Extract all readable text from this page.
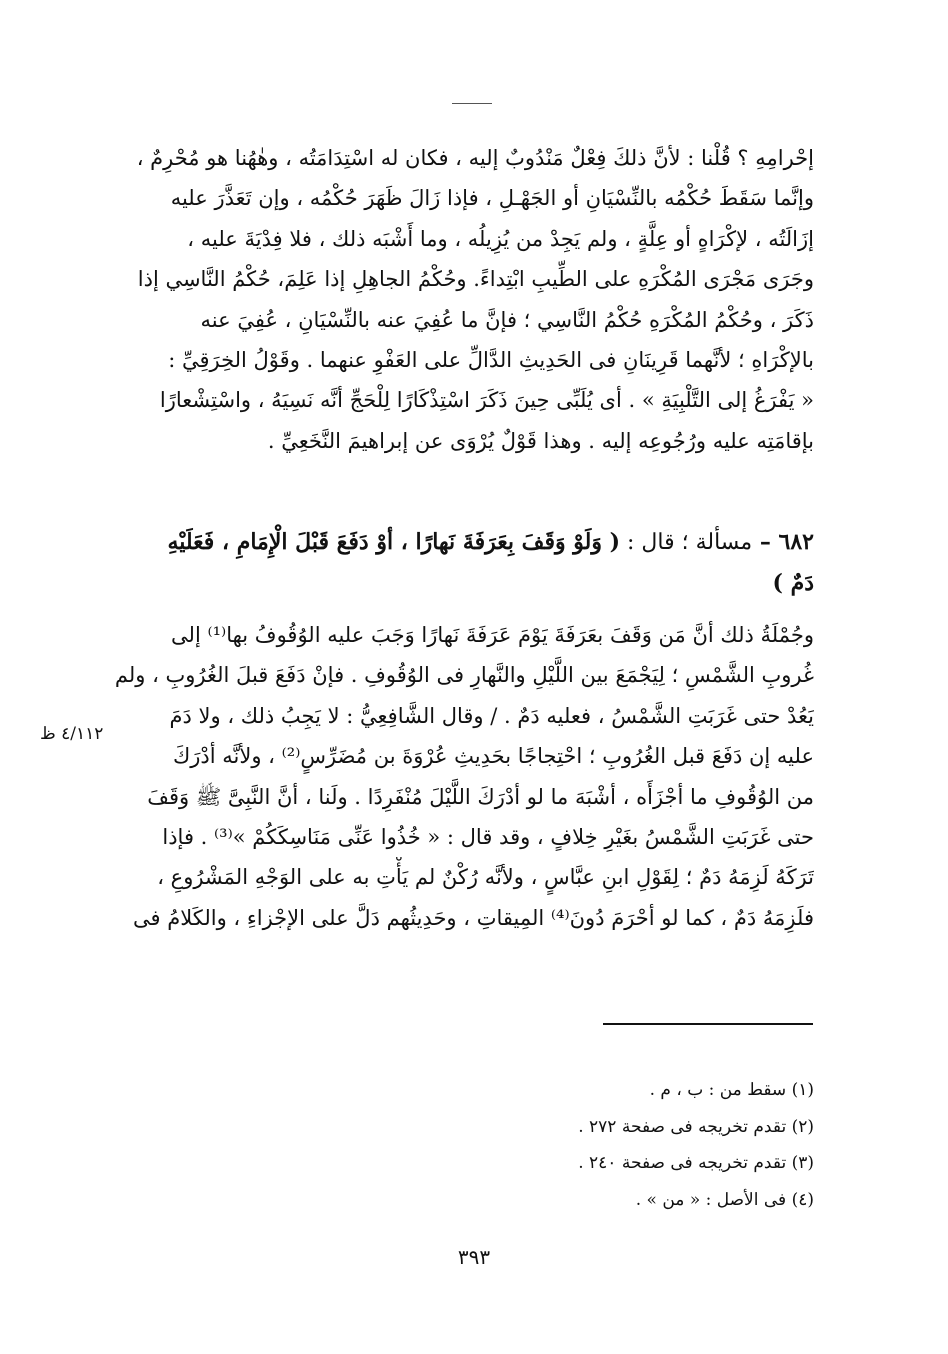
إحْرامِهِ ؟ قُلْنا : لأنَّ ذلكَ فِعْلٌ مَنْدُوبٌ إليه ، فكان له اسْتِدَامَتُه ، وهٰهُنا هو مُحْرِمٌ ،
وإنَّما سَقَطَ حُكْمُه بالنِّسْيَانِ أو الجَهْـلِ ، فإذا زَالَ ظَهَرَ حُكْمُه ، وإن تَعَذَّرَ عليه
إزَالَتُه ، لإكْرَاهٍ أو عِلَّةٍ ، ولم يَجِدْ من يُزِيلُه ، وما أَشْبَه ذلك ، فلا فِدْيَةَ عليه ،
وجَرَى مَجْرَى المُكْرَهِ على الطِّيبِ ابْتِداءً. وحُكْمُ الجاهِلِ إذا عَلِمَ، حُكْمُ النَّاسِي إذا
ذَكَرَ ، وحُكْمُ المُكْرَهِ حُكْمُ النَّاسِي ؛ فإنَّ ما عُفِيَ عنه بالنِّسْيَانِ ، عُفِيَ عنه
بالإكْرَاهِ ؛ لأنَّهما قَرِينَانِ فى الحَدِيثِ الدَّالِّ على العَفْوِ عنهما . وقَوْلُ الخِرَقِيِّ :
« يَفْرَغُ إلى التَّلْبِيَةِ » . أى يُلَبِّى حِينَ ذَكَرَ اسْتِذْكَارًا لِلْحَجِّ أنَّه نَسِيَهُ ، واسْتِشْعارًا
بإقامَتِه عليه ورُجُوعِه إليه . وهذا قَوْلٌ يُرْوَى عن إبراهيمَ النَّخَعِيِّ .
٦٨٢ – مسألة ؛ قال : ( وَلَوْ وَقَفَ بِعَرَفَةَ نَهارًا ، أوْ دَفَعَ قَبْلَ الْإِمَامِ ، فَعَلَيْهِ
دَمٌ )
وجُمْلَةُ ذلك أنَّ مَن وَقَفَ بعَرَفَةَ يَوْمَ عَرَفَةَ نَهارًا وَجَبَ عليه الوُقُوفُ بها⁽¹⁾ إلى
غُروبِ الشَّمْسِ ؛ لِيَجْمَعَ بين اللَّيْلِ والنَّهارِ فى الوُقُوفِ . فإنْ دَفَعَ قبلَ الغُرُوبِ ، ولم
يَعُدْ حتى غَرَبَتِ الشَّمْسُ ، فعليه دَمٌ . / وقال الشَّافِعِيُّ : لا يَجِبُ ذلك ، ولا دَمَ
عليه إن دَفَعَ قبل الغُرُوبِ ؛ احْتِجاجًا بحَدِيثِ عُرْوَةَ بن مُضَرِّسٍ⁽²⁾ ، ولأنَّه أدْرَكَ
من الوُقُوفِ ما أجْزَأَه ، أشْبَهَ ما لو أدْرَكَ اللَّيْلَ مُنْفَرِدًا . ولَنا ، أنَّ النَّبِىَّ ﷺ وَقَفَ
حتى غَرَبَتِ الشَّمْسُ بغَيْرِ خِلافٍ ، وقد قال : « خُذُوا عَنِّى مَنَاسِكَكُمْ »⁽³⁾ . فإذا
تَرَكَهُ لَزِمَهُ دَمٌ ؛ لِقَوْلِ ابنِ عبَّاسٍ ، ولأنَّه رُكْنٌ لم يَأْتِ به على الوَجْهِ المَشْرُوعِ ،
فلَزِمَهُ دَمٌ ، كما لو أحْرَمَ دُونَ⁽⁴⁾ المِيقاتِ ، وحَدِيثُهم دَلَّ على الإجْزاءِ ، والكَلامُ فى
٤/١١٢ ظ
(١) سقط من : ب ، م .
(٢) تقدم تخريجه فى صفحة ٢٧٢ .
(٣) تقدم تخريجه فى صفحة ٢٤٠ .
(٤) فى الأصل : « من » .
٣٩٣
